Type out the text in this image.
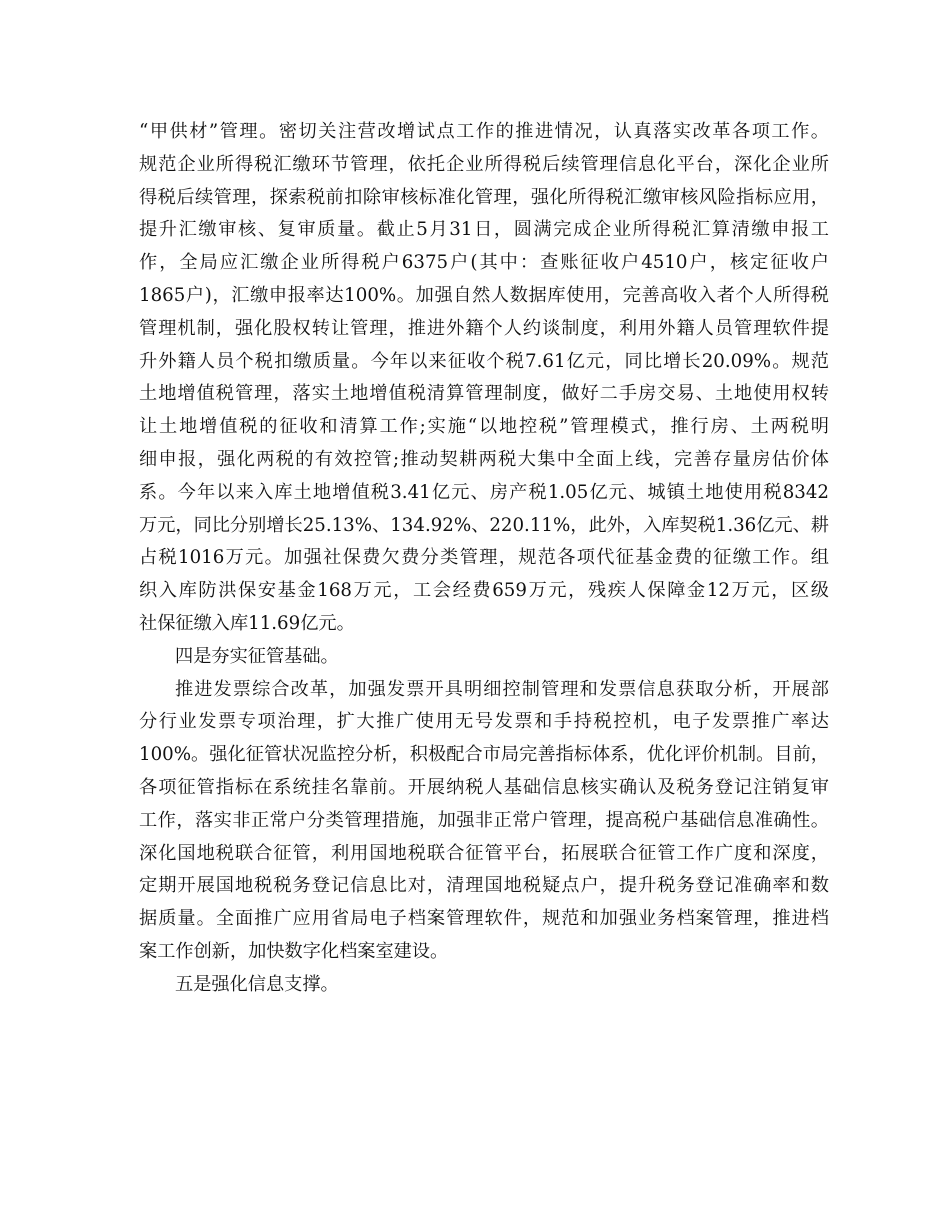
“甲供材”管理。密切关注营改增试点工作的推进情况，认真落实改革各项工作。
规范企业所得税汇缴环节管理，依托企业所得税后续管理信息化平台，深化企业所
得税后续管理，探索税前扣除审核标准化管理，强化所得税汇缴审核风险指标应用，
提升汇缴审核、复审质量。截止5月31日，圆满完成企业所得税汇算清缴申报工
作，全局应汇缴企业所得税户6375户(其中：查账征收户4510户，核定征收户
1865户)，汇缴申报率达100%。加强自然人数据库使用，完善高收入者个人所得税
管理机制，强化股权转让管理，推进外籍个人约谈制度，利用外籍人员管理软件提
升外籍人员个税扣缴质量。今年以来征收个税7.61亿元，同比增长20.09%。规范
土地增值税管理，落实土地增值税清算管理制度，做好二手房交易、土地使用权转
让土地增值税的征收和清算工作;实施“以地控税”管理模式，推行房、土两税明
细申报，强化两税的有效控管;推动契耕两税大集中全面上线，完善存量房估价体
系。今年以来入库土地增值税3.41亿元、房产税1.05亿元、城镇土地使用税8342
万元，同比分别增长25.13%、134.92%、220.11%，此外，入库契税1.36亿元、耕
占税1016万元。加强社保费欠费分类管理，规范各项代征基金费的征缴工作。组
织入库防洪保安基金168万元，工会经费659万元，残疾人保障金12万元，区级
社保征缴入库11.69亿元。
四是夯实征管基础。
推进发票综合改革，加强发票开具明细控制管理和发票信息获取分析，开展部
分行业发票专项治理，扩大推广使用无号发票和手持税控机，电子发票推广率达
100%。强化征管状况监控分析，积极配合市局完善指标体系，优化评价机制。目前，
各项征管指标在系统挂名靠前。开展纳税人基础信息核实确认及税务登记注销复审
工作，落实非正常户分类管理措施，加强非正常户管理，提高税户基础信息准确性。
深化国地税联合征管，利用国地税联合征管平台，拓展联合征管工作广度和深度，
定期开展国地税税务登记信息比对，清理国地税疑点户，提升税务登记准确率和数
据质量。全面推广应用省局电子档案管理软件，规范和加强业务档案管理，推进档
案工作创新，加快数字化档案室建设。
五是强化信息支撑。
